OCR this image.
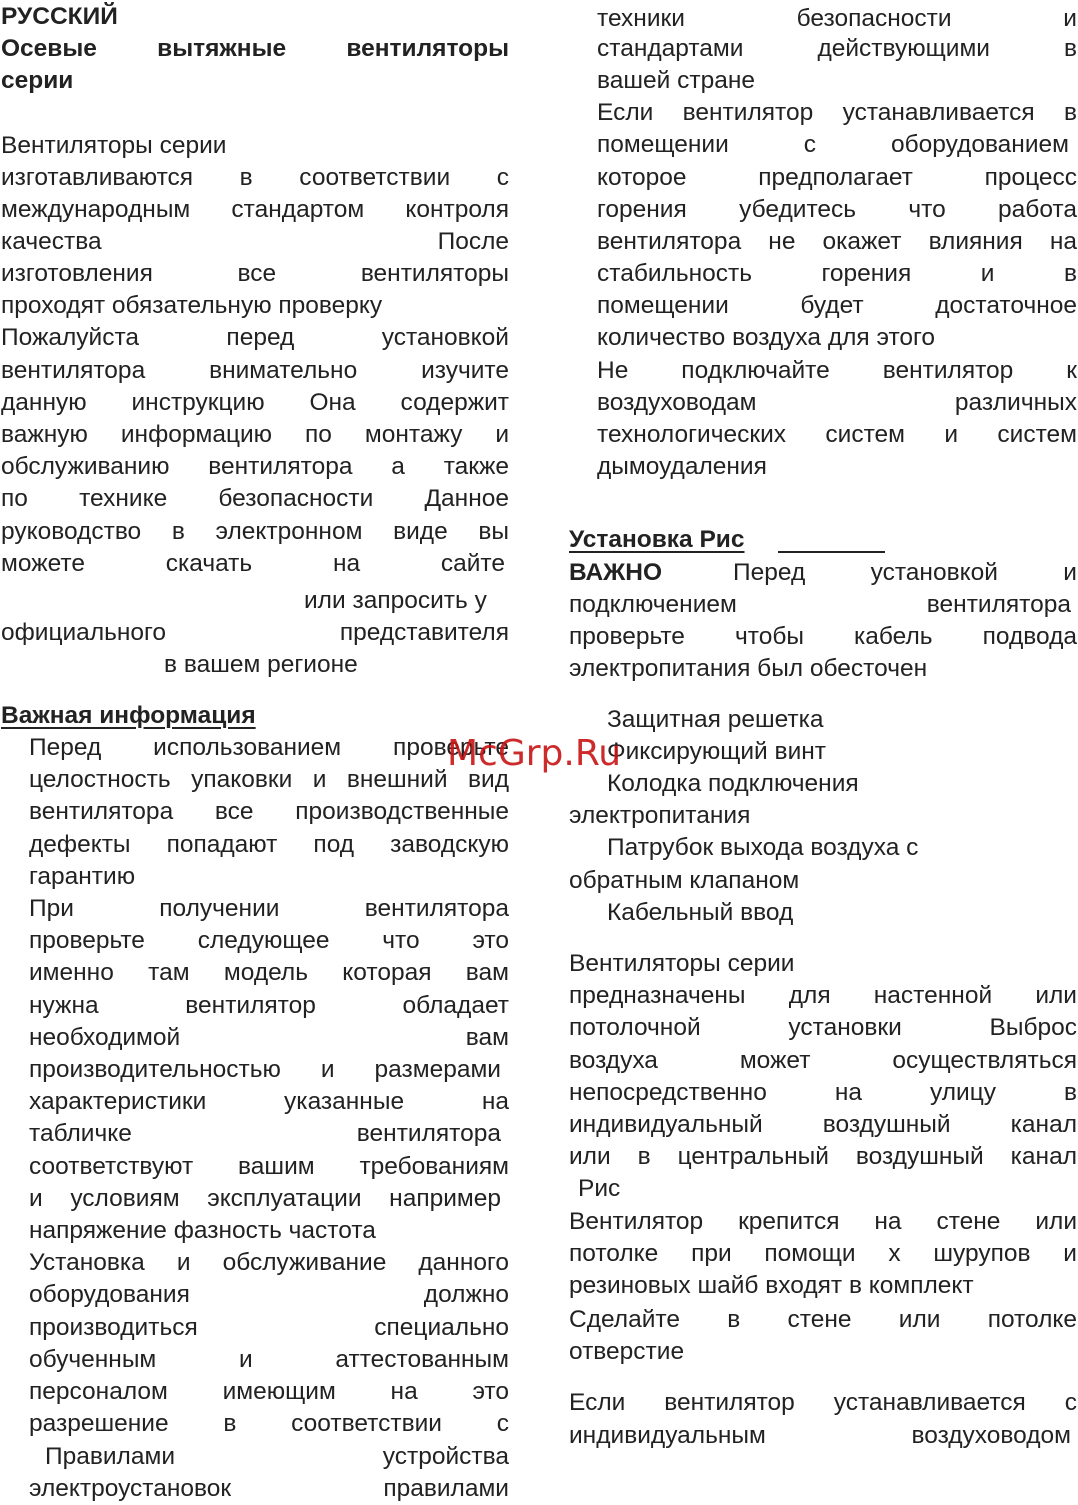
РУССКИЙ
Осевые вытяжные вентиляторы
серии
Вентиляторы серии
изготавливаются в соответствии с
международным стандартом контроля
качества После
изготовления все вентиляторы
проходят обязательную проверку
Пожалуйста перед установкой
вентилятора внимательно изучите
данную инструкцию Она содержит
важную информацию по монтажу и
обслуживанию вентилятора а также
по технике безопасности Данное
руководство в электронном виде вы
можете скачать на сайте
или запросить у
официального представителя
в вашем регионе
Важная информация
Перед использованием проверьте
целостность упаковки и внешний вид
вентилятора все производственные
дефекты попадают под заводскую
гарантию
При получении вентилятора
проверьте следующее что это
именно там модель которая вам
нужна вентилятор обладает
необходимой вам
производительностью и размерами
характеристики указанные на
табличке вентилятора
соответствуют вашим требованиям
и условиям эксплуатации например
напряжение фазность частота
Установка и обслуживание данного
оборудования должно
производиться специально
обученным и аттестованным
персоналом имеющим на это
разрешение в соответствии с
Правилами устройства
электроустановок правилами
техники безопасности и
стандартами действующими в
вашей стране
Если вентилятор устанавливается в
помещении с оборудованием
которое предполагает процесс
горения убедитесь что работа
вентилятора не окажет влияния на
стабильность горения и в
помещении будет достаточное
количество воздуха для этого
Не подключайте вентилятор к
воздуховодам различных
технологических систем и систем
дымоудаления
Установка Рис
ВАЖНО	Перед установкой и
подключением вентилятора
проверьте чтобы кабель подвода
электропитания был обесточен
Защитная решетка
Фиксирующий винт
Колодка подключения
электропитания
Патрубок выхода воздуха с
обратным клапаном
Кабельный ввод
Вентиляторы серии
предназначены для настенной или
потолочной установки Выброс
воздуха может осуществляться
непосредственно на улицу в
индивидуальный воздушный канал
или в центральный воздушный канал
Рис
Вентилятор крепится на стене или
потолке при помощи х шурупов и
резиновых шайб входят в комплект
Сделайте в стене или потолке
отверстие
Если вентилятор устанавливается с
индивидуальным воздуховодом
McGrp.Ru
